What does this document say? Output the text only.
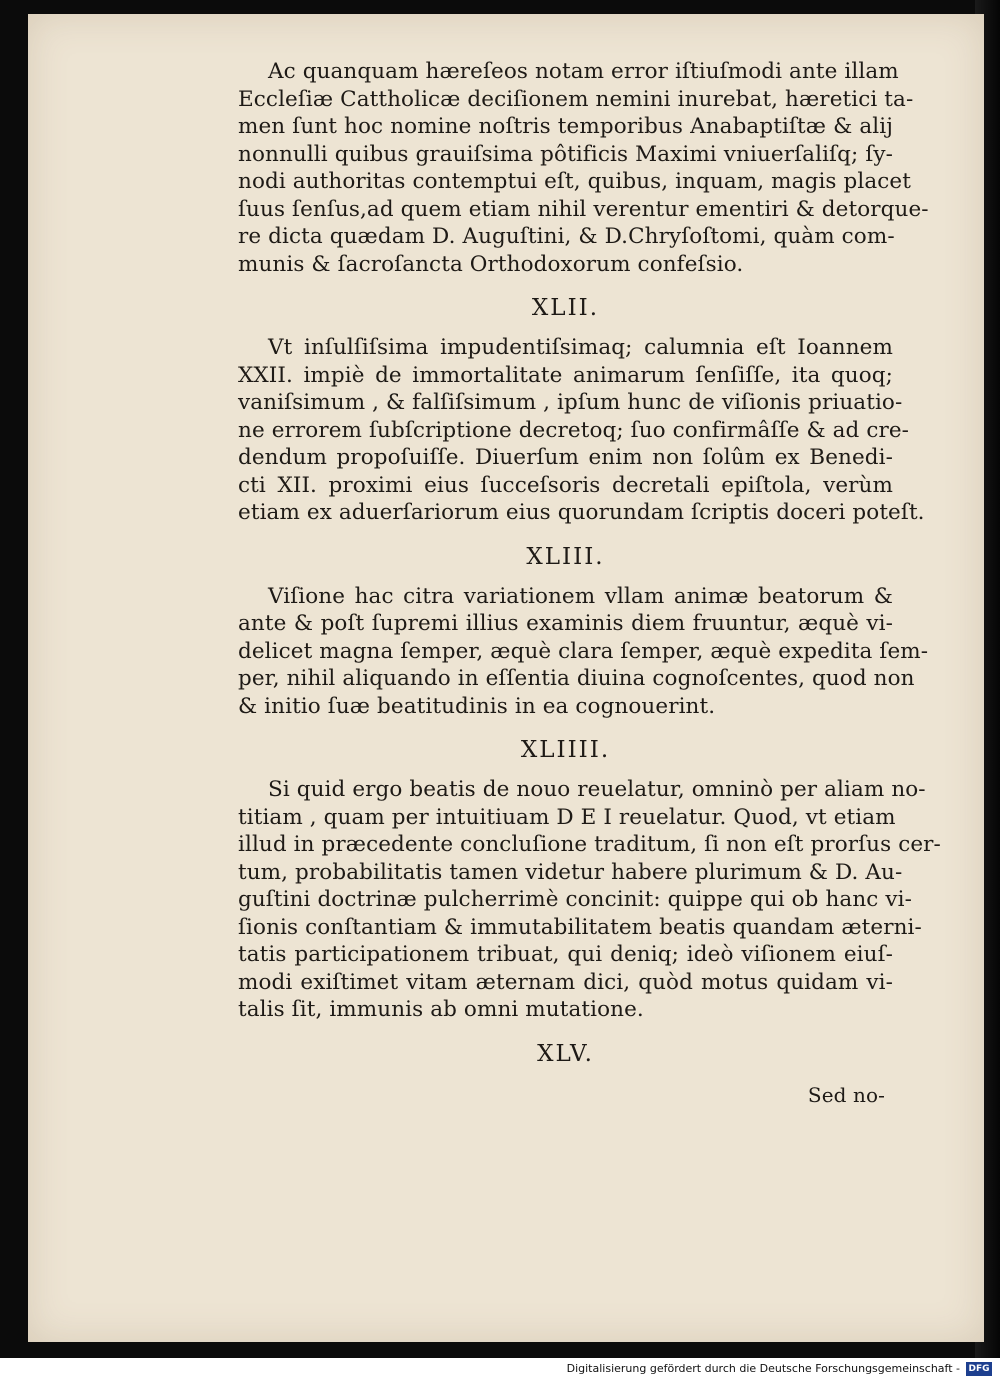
Ac quanquam hæreſeos notam error iſtiuſmodi ante illam
Eccleſiæ Cattholicæ deciſionem nemini inurebat, hæretici ta-
men ſunt hoc nomine noſtris temporibus Anabaptiſtæ & alij
nonnulli quibus grauiſsima pôtificis Maximi vniuerſaliſq; ſy-
nodi authoritas contemptui eſt, quibus, inquam, magis placet
ſuus ſenſus,ad quem etiam nihil verentur ementiri & detorque-
re dicta quædam D. Auguſtini, & D.Chryſoſtomi, quàm com-
munis & ſacroſancta Orthodoxorum confeſsio.
XLII.
Vt inſulſiſsima impudentiſsimaq; calumnia eſt Ioannem
XXII. impiè de immortalitate animarum ſenſiſſe, ita quoq;
vaniſsimum , & falſiſsimum , ipſum hunc de viſionis priuatio-
ne errorem ſubſcriptione decretoq; ſuo confirmâſſe & ad cre-
dendum propoſuiſſe. Diuerſum enim non ſolûm ex Benedi-
cti XII. proximi eius ſucceſsoris decretali epiſtola, verùm
etiam ex aduerſariorum eius quorundam ſcriptis doceri poteſt.
XLIII.
Viſione hac citra variationem vllam animæ beatorum &
ante & poſt ſupremi illius examinis diem fruuntur, æquè vi-
delicet magna ſemper, æquè clara ſemper, æquè expedita ſem-
per, nihil aliquando in eſſentia diuina cognoſcentes, quod non
& initio ſuæ beatitudinis in ea cognouerint.
XLIIII.
Si quid ergo beatis de nouo reuelatur, omninò per aliam no-
titiam , quam per intuitiuam D E I reuelatur. Quod, vt etiam
illud in præcedente concluſione traditum, ſi non eſt prorſus cer-
tum, probabilitatis tamen videtur habere plurimum & D. Au-
guſtini doctrinæ pulcherrimè concinit: quippe qui ob hanc vi-
ſionis conſtantiam & immutabilitatem beatis quandam æterni-
tatis participationem tribuat, qui deniq; ideò viſionem eiuſ-
modi exiſtimet vitam æternam dici, quòd motus quidam vi-
talis ſit, immunis ab omni mutatione.
XLV.
Sed no-
Digitalisierung gefördert durch die Deutsche Forschungsgemeinschaft - DFG
